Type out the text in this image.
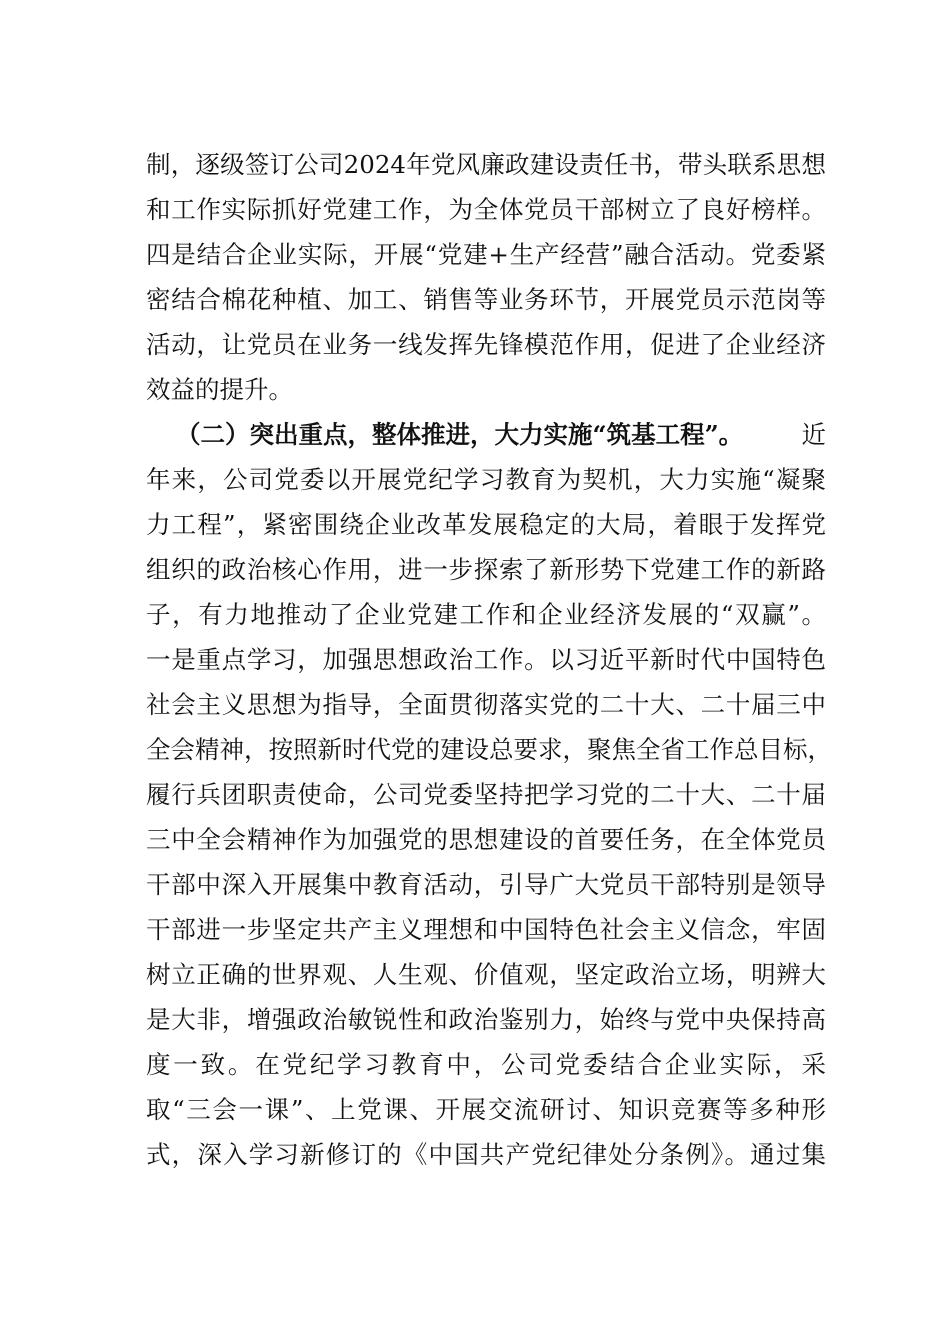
制，逐级签订公司2024年党风廉政建设责任书，带头联系思想
和工作实际抓好党建工作，为全体党员干部树立了良好榜样。
四是结合企业实际，开展“党建+生产经营”融合活动。党委紧
密结合棉花种植、加工、销售等业务环节，开展党员示范岗等
活动，让党员在业务一线发挥先锋模范作用，促进了企业经济
效益的提升。
（二）突出重点，整体推进，大力实施“筑基工程”。 近
年来，公司党委以开展党纪学习教育为契机，大力实施“凝聚
力工程”，紧密围绕企业改革发展稳定的大局，着眼于发挥党
组织的政治核心作用，进一步探索了新形势下党建工作的新路
子，有力地推动了企业党建工作和企业经济发展的“双赢”。
一是重点学习，加强思想政治工作。以习近平新时代中国特色
社会主义思想为指导，全面贯彻落实党的二十大、二十届三中
全会精神，按照新时代党的建设总要求，聚焦全省工作总目标，
履行兵团职责使命，公司党委坚持把学习党的二十大、二十届
三中全会精神作为加强党的思想建设的首要任务，在全体党员
干部中深入开展集中教育活动，引导广大党员干部特别是领导
干部进一步坚定共产主义理想和中国特色社会主义信念，牢固
树立正确的世界观、人生观、价值观，坚定政治立场，明辨大
是大非，增强政治敏锐性和政治鉴别力，始终与党中央保持高
度一致。在党纪学习教育中，公司党委结合企业实际，采
取“三会一课”、上党课、开展交流研讨、知识竞赛等多种形
式，深入学习新修订的《中国共产党纪律处分条例》。通过集
